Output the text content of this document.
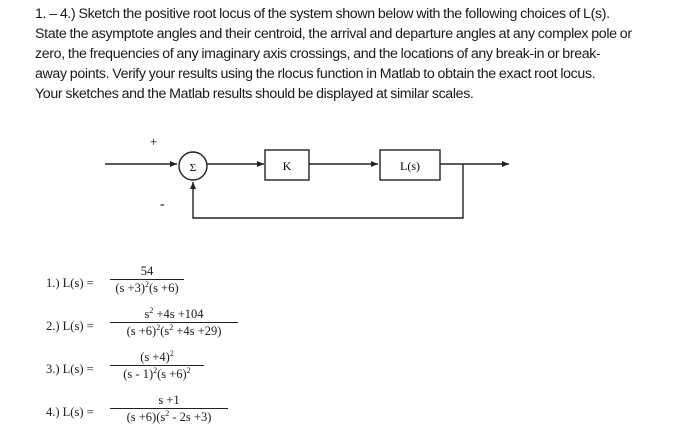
1. – 4.) Sketch the positive root locus of the system shown below with the following choices of L(s).
State the asymptote angles and their centroid, the arrival and departure angles at any complex pole or
zero, the frequencies of any imaginary axis crossings, and the locations of any break-in or break-
away points. Verify your results using the rlocus function in Matlab to obtain the exact root locus.
Your sketches and the Matlab results should be displayed at similar scales.
+
Σ	K	L(s)
-
1.) L(s) =
54
$(s +3)^2(s +6)$
2.) L(s) =
$s^2 +4s +104$
$(s +6)^2(s^2 +4s +29)$
3.) L(s) =
$(s +4)^2$
$(s - 1)^2(s +6)^2$
4.) L(s) =
s +1
$(s +6)(s^2 - 2s +3)$
